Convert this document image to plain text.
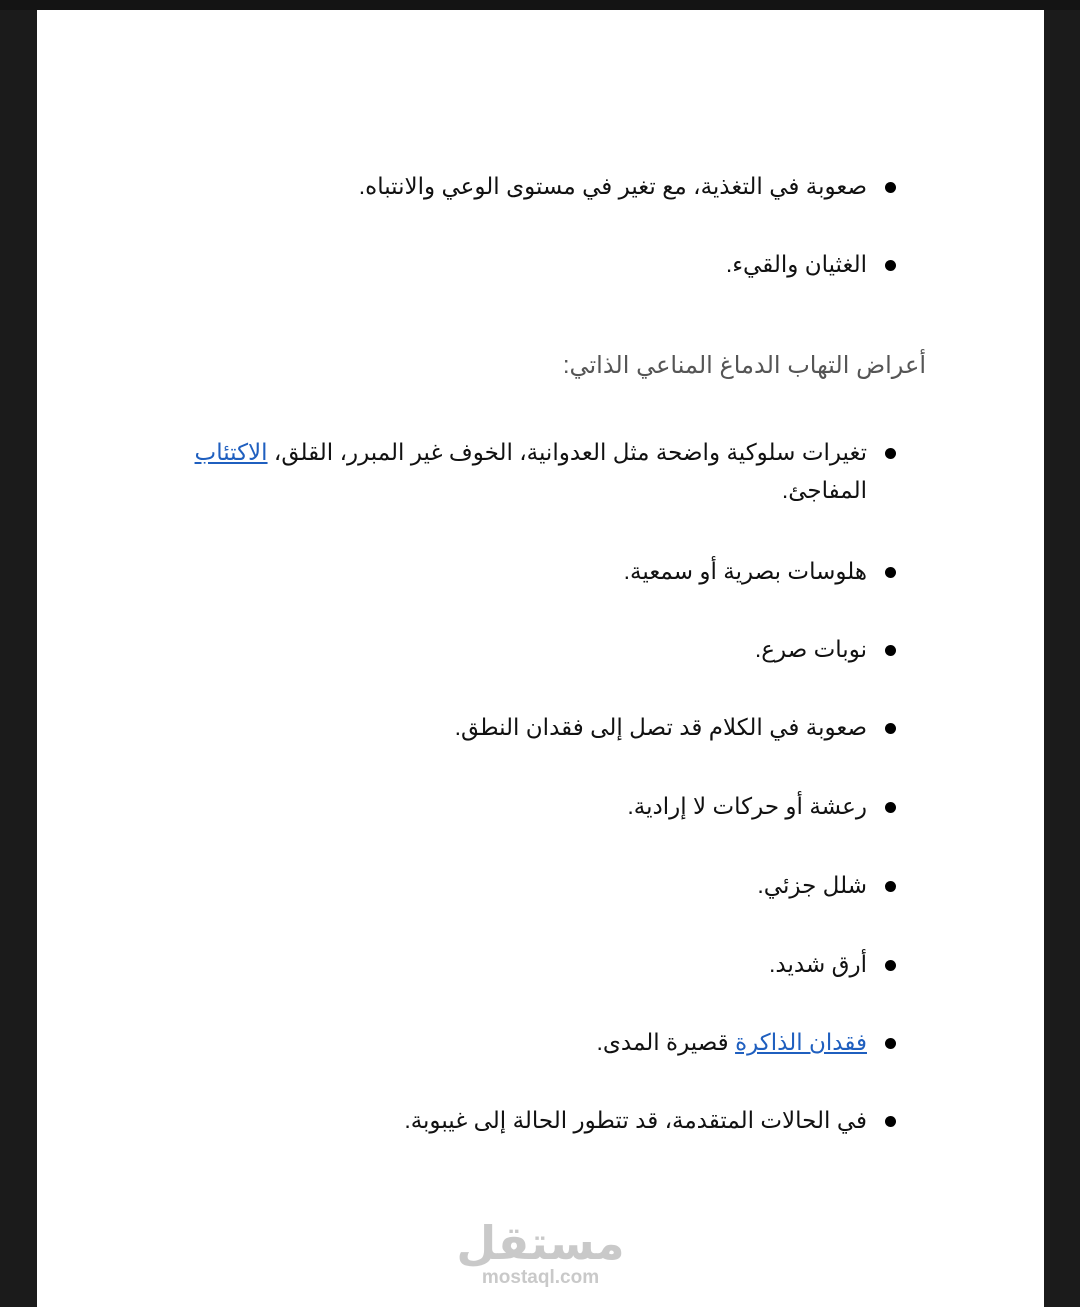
صعوبة في التغذية، مع تغير في مستوى الوعي والانتباه.
الغثيان والقيء.
أعراض التهاب الدماغ المناعي الذاتي:
تغيرات سلوكية واضحة مثل العدوانية، الخوف غير المبرر، القلق، الاكتئاب المفاجئ.
هلوسات بصرية أو سمعية.
نوبات صرع.
صعوبة في الكلام قد تصل إلى فقدان النطق.
رعشة أو حركات لا إرادية.
شلل جزئي.
أرق شديد.
فقدان الذاكرة قصيرة المدى.
في الحالات المتقدمة، قد تتطور الحالة إلى غيبوبة.
مستقل
mostaql.com
